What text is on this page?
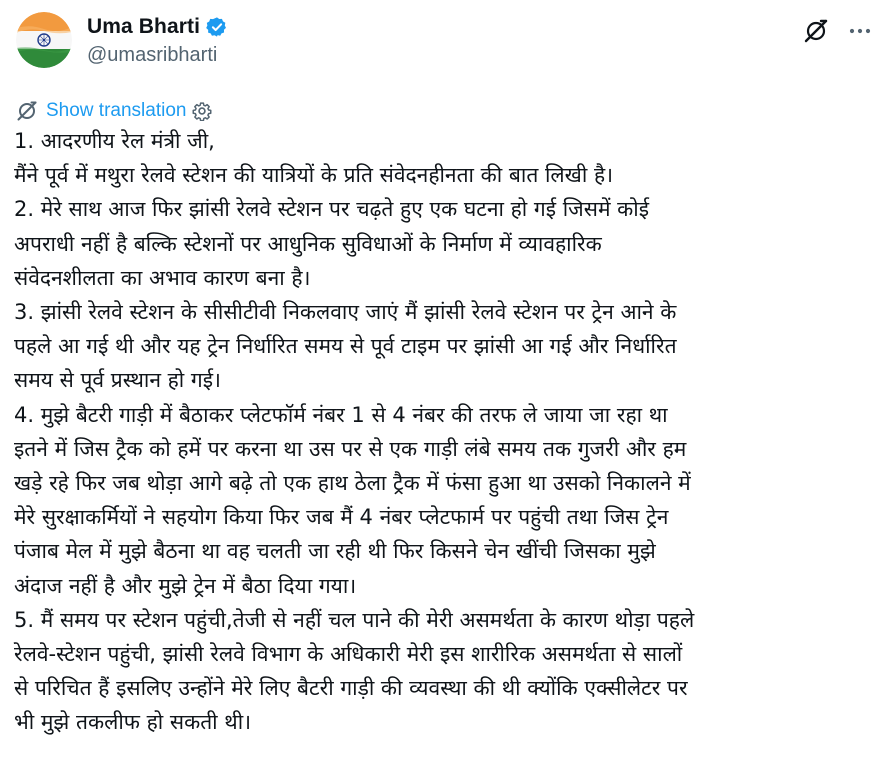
Uma Bharti
@umasribharti
Show translation
1. आदरणीय रेल मंत्री जी,
मैंने पूर्व में मथुरा रेलवे स्टेशन की यात्रियों के प्रति संवेदनहीनता की बात लिखी है।
2. मेरे साथ आज फिर झांसी रेलवे स्टेशन पर चढ़ते हुए एक घटना हो गई जिसमें कोई
अपराधी नहीं है बल्कि स्टेशनों पर आधुनिक सुविधाओं के निर्माण में व्यावहारिक
संवेदनशीलता का अभाव कारण बना है।
3. झांसी रेलवे स्टेशन के सीसीटीवी निकलवाए जाएं मैं झांसी रेलवे स्टेशन पर ट्रेन आने के
पहले आ गई थी और यह ट्रेन निर्धारित समय से पूर्व टाइम पर झांसी आ गई और निर्धारित
समय से पूर्व प्रस्थान हो गई।
4. मुझे बैटरी गाड़ी में बैठाकर प्लेटफॉर्म नंबर 1 से 4 नंबर की तरफ ले जाया जा रहा था
इतने में जिस ट्रैक को हमें पर करना था उस पर से एक गाड़ी लंबे समय तक गुजरी और हम
खड़े रहे फिर जब थोड़ा आगे बढ़े तो एक हाथ ठेला ट्रैक में फंसा हुआ था उसको निकालने में
मेरे सुरक्षाकर्मियों ने सहयोग किया फिर जब मैं 4 नंबर प्लेटफार्म पर पहुंची तथा जिस ट्रेन
पंजाब मेल में मुझे बैठना था वह चलती जा रही थी फिर किसने चेन खींची जिसका मुझे
अंदाज नहीं है और मुझे ट्रेन में बैठा दिया गया।
5. मैं समय पर स्टेशन पहुंची,तेजी से नहीं चल पाने की मेरी असमर्थता के कारण थोड़ा पहले
रेलवे-स्टेशन पहुंची, झांसी रेलवे विभाग के अधिकारी मेरी इस शारीरिक असमर्थता से सालों
से परिचित हैं इसलिए उन्होंने मेरे लिए बैटरी गाड़ी की व्यवस्था की थी क्योंकि एक्सीलेटर पर
भी मुझे तकलीफ हो सकती थी।
